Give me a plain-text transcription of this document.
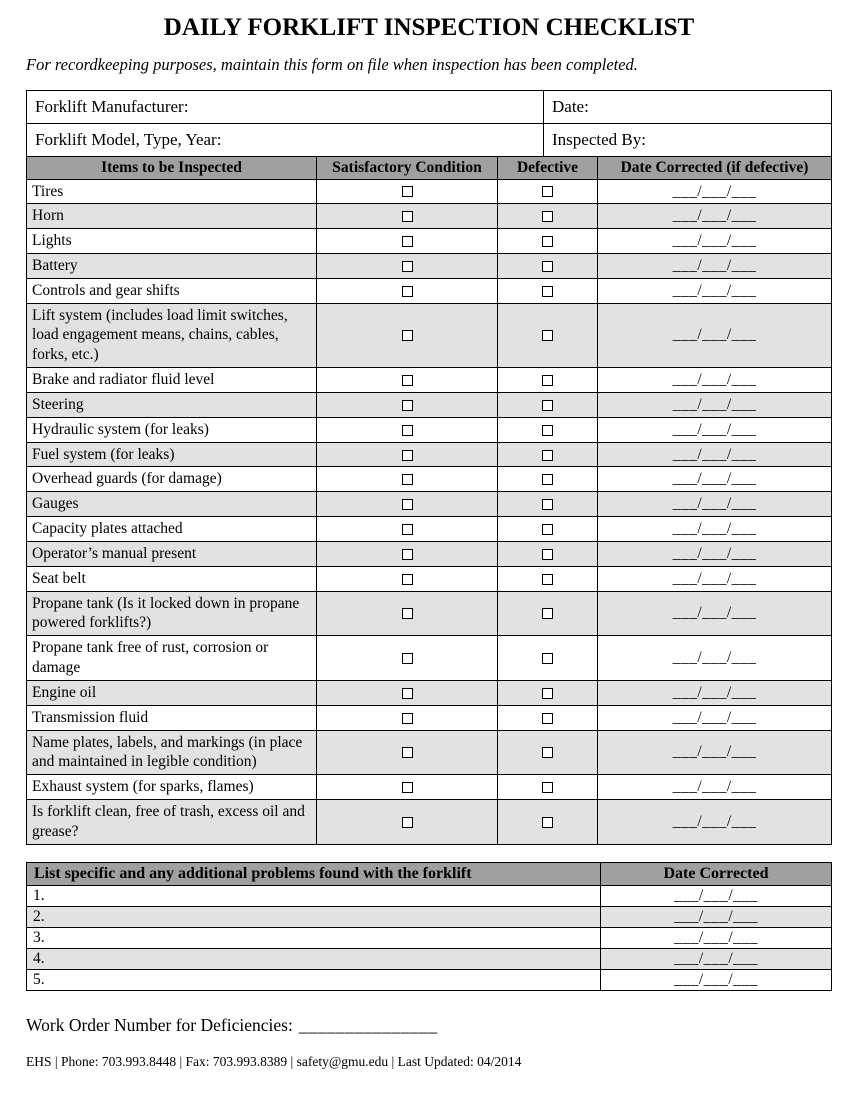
DAILY FORKLIFT INSPECTION CHECKLIST

For recordkeeping purposes, maintain this form on file when inspection has been completed.

Forklift Manufacturer:	Date:
Forklift Model, Type, Year:	Inspected By:
Items to be Inspected	Satisfactory Condition	Defective	Date Corrected (if defective)
Tires			___/___/___
Horn			___/___/___
Lights			___/___/___
Battery			___/___/___
Controls and gear shifts			___/___/___
Lift system (includes load limit switches, load engagement means, chains, cables, forks, etc.)			___/___/___
Brake and radiator fluid level			___/___/___
Steering			___/___/___
Hydraulic system (for leaks)			___/___/___
Fuel system (for leaks)			___/___/___
Overhead guards (for damage)			___/___/___
Gauges			___/___/___
Capacity plates attached			___/___/___
Operator’s manual present			___/___/___
Seat belt			___/___/___
Propane tank (Is it locked down in propane powered forklifts?)			___/___/___
Propane tank free of rust, corrosion or damage			___/___/___
Engine oil			___/___/___
Transmission fluid			___/___/___
Name plates, labels, and markings (in place and maintained in legible condition)			___/___/___
Exhaust system (for sparks, flames)			___/___/___
Is forklift clean, free of trash, excess oil and grease?			___/___/___
List specific and any additional problems found with the forklift	Date Corrected
1.	___/___/___
2.	___/___/___
3.	___/___/___
4.	___/___/___
5.	___/___/___

Work Order Number for Deficiencies: _______________

EHS | Phone: 703.993.8448 | Fax: 703.993.8389 | safety@gmu.edu | Last Updated: 04/2014
